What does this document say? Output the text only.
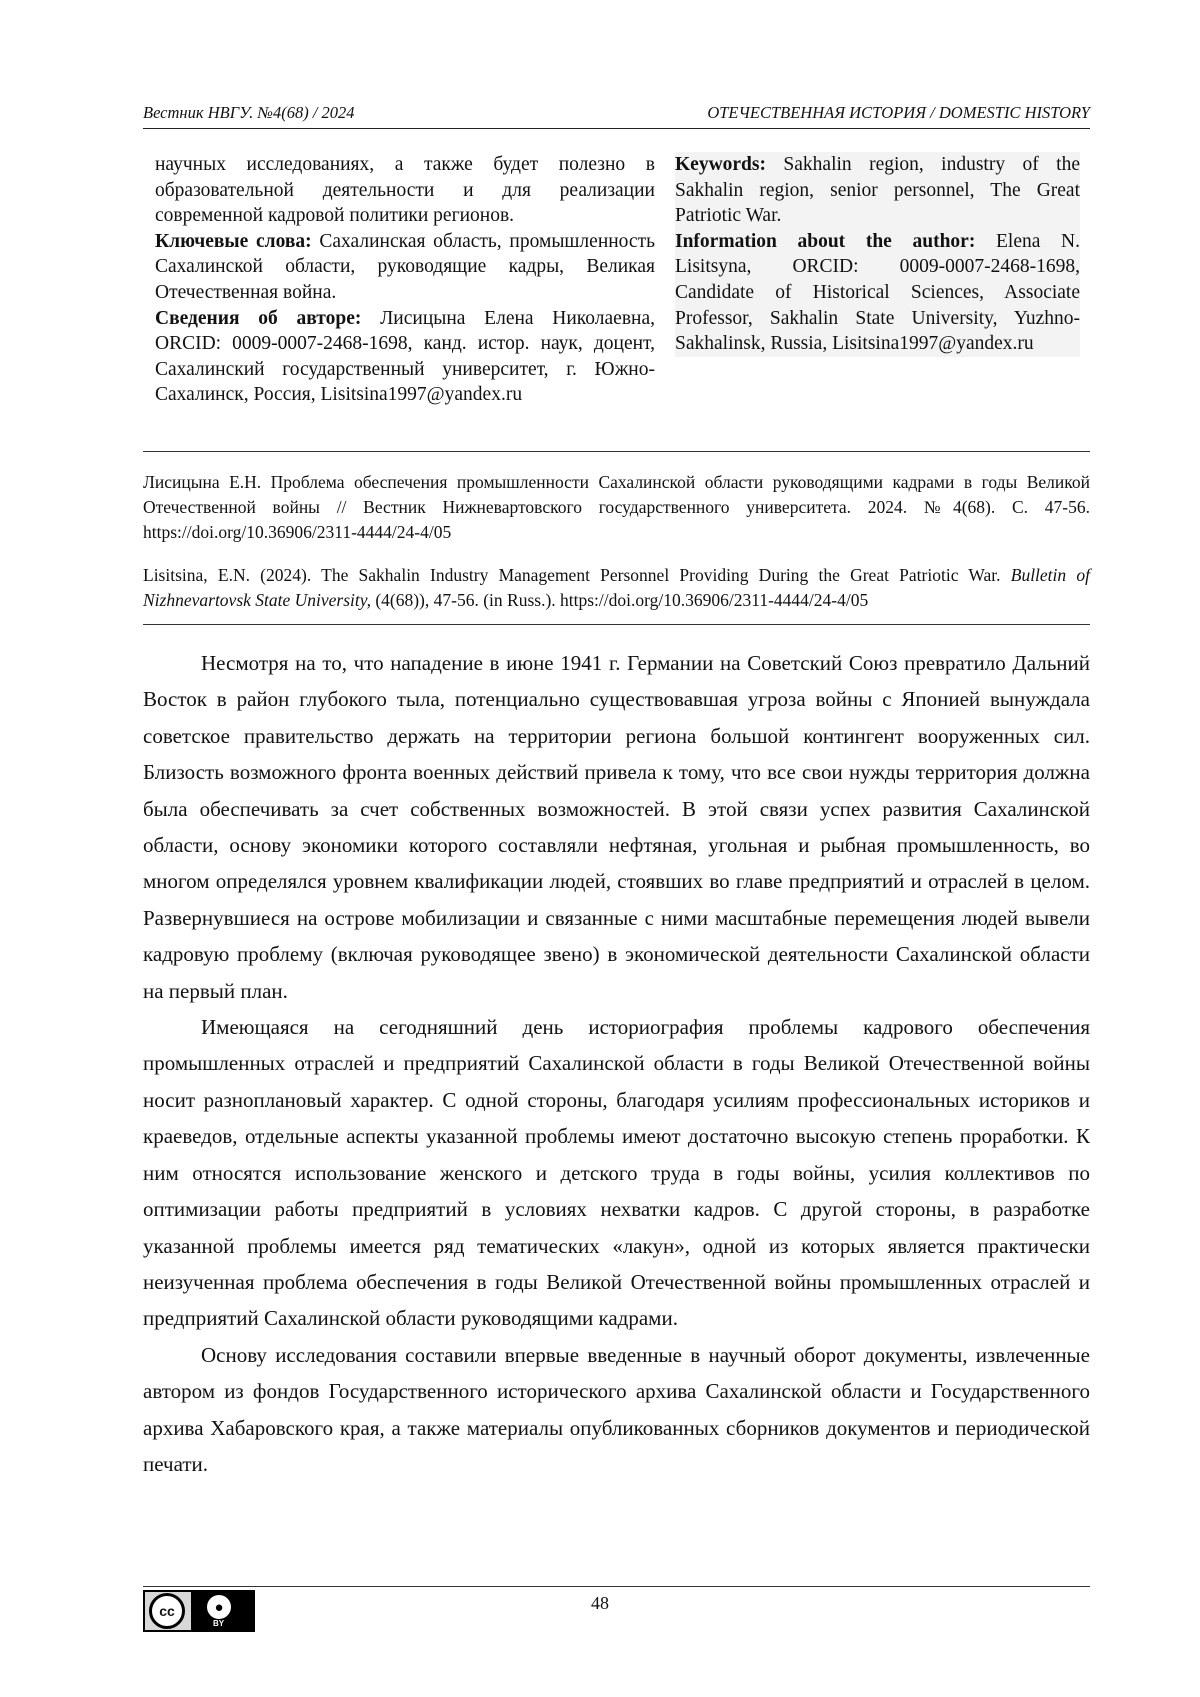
Вестник НВГУ. №4(68) / 2024	ОТЕЧЕСТВЕННАЯ ИСТОРИЯ / DOMESTIC HISTORY

научных исследованиях, а также будет полезно в образовательной деятельности и для реализации современной кадровой политики регионов.

Ключевые слова: Сахалинская область, промышленность Сахалинской области, руководящие кадры, Великая Отечественная война.

Сведения об авторе: Лисицына Елена Николаевна, ORCID: 0009-0007-2468-1698, канд. истор. наук, доцент, Сахалинский государственный университет, г. Южно-Сахалинск, Россия, Lisitsina1997@yandex.ru

Keywords: Sakhalin region, industry of the Sakhalin region, senior personnel, The Great Patriotic War.

Information about the author: Elena N. Lisitsyna, ORCID: 0009-0007-2468-1698, Candidate of Historical Sciences, Associate Professor, Sakhalin State University, Yuzhno-Sakhalinsk, Russia, Lisitsina1997@yandex.ru

Лисицына Е.Н. Проблема обеспечения промышленности Сахалинской области руководящими кадрами в годы Великой Отечественной войны // Вестник Нижневартовского государственного университета. 2024. №4(68). С. 47-56. https://doi.org/10.36906/2311-4444/24-4/05

Lisitsina, E.N. (2024). The Sakhalin Industry Management Personnel Providing During the Great Patriotic War. Bulletin of Nizhnevartovsk State University, (4(68)), 47-56. (in Russ.). https://doi.org/10.36906/2311-4444/24-4/05

Несмотря на то, что нападение в июне 1941 г. Германии на Советский Союз превратило Дальний Восток в район глубокого тыла, потенциально существовавшая угроза войны с Японией вынуждала советское правительство держать на территории региона большой контингент вооруженных сил. Близость возможного фронта военных действий привела к тому, что все свои нужды территория должна была обеспечивать за счет собственных возможностей. В этой связи успех развития Сахалинской области, основу экономики которого составляли нефтяная, угольная и рыбная промышленность, во многом определялся уровнем квалификации людей, стоявших во главе предприятий и отраслей в целом. Развернувшиеся на острове мобилизации и связанные с ними масштабные перемещения людей вывели кадровую проблему (включая руководящее звено) в экономической деятельности Сахалинской области на первый план.

Имеющаяся на сегодняшний день историография проблемы кадрового обеспечения промышленных отраслей и предприятий Сахалинской области в годы Великой Отечественной войны носит разноплановый характер. С одной стороны, благодаря усилиям профессиональных историков и краеведов, отдельные аспекты указанной проблемы имеют достаточно высокую степень проработки. К ним относятся использование женского и детского труда в годы войны, усилия коллективов по оптимизации работы предприятий в условиях нехватки кадров. С другой стороны, в разработке указанной проблемы имеется ряд тематических «лакун», одной из которых является практически неизученная проблема обеспечения в годы Великой Отечественной войны промышленных отраслей и предприятий Сахалинской области руководящими кадрами.

Основу исследования составили впервые введенные в научный оборот документы, извлеченные автором из фондов Государственного исторического архива Сахалинской области и Государственного архива Хабаровского края, а также материалы опубликованных сборников документов и периодической печати.

cc	●
BY
48
